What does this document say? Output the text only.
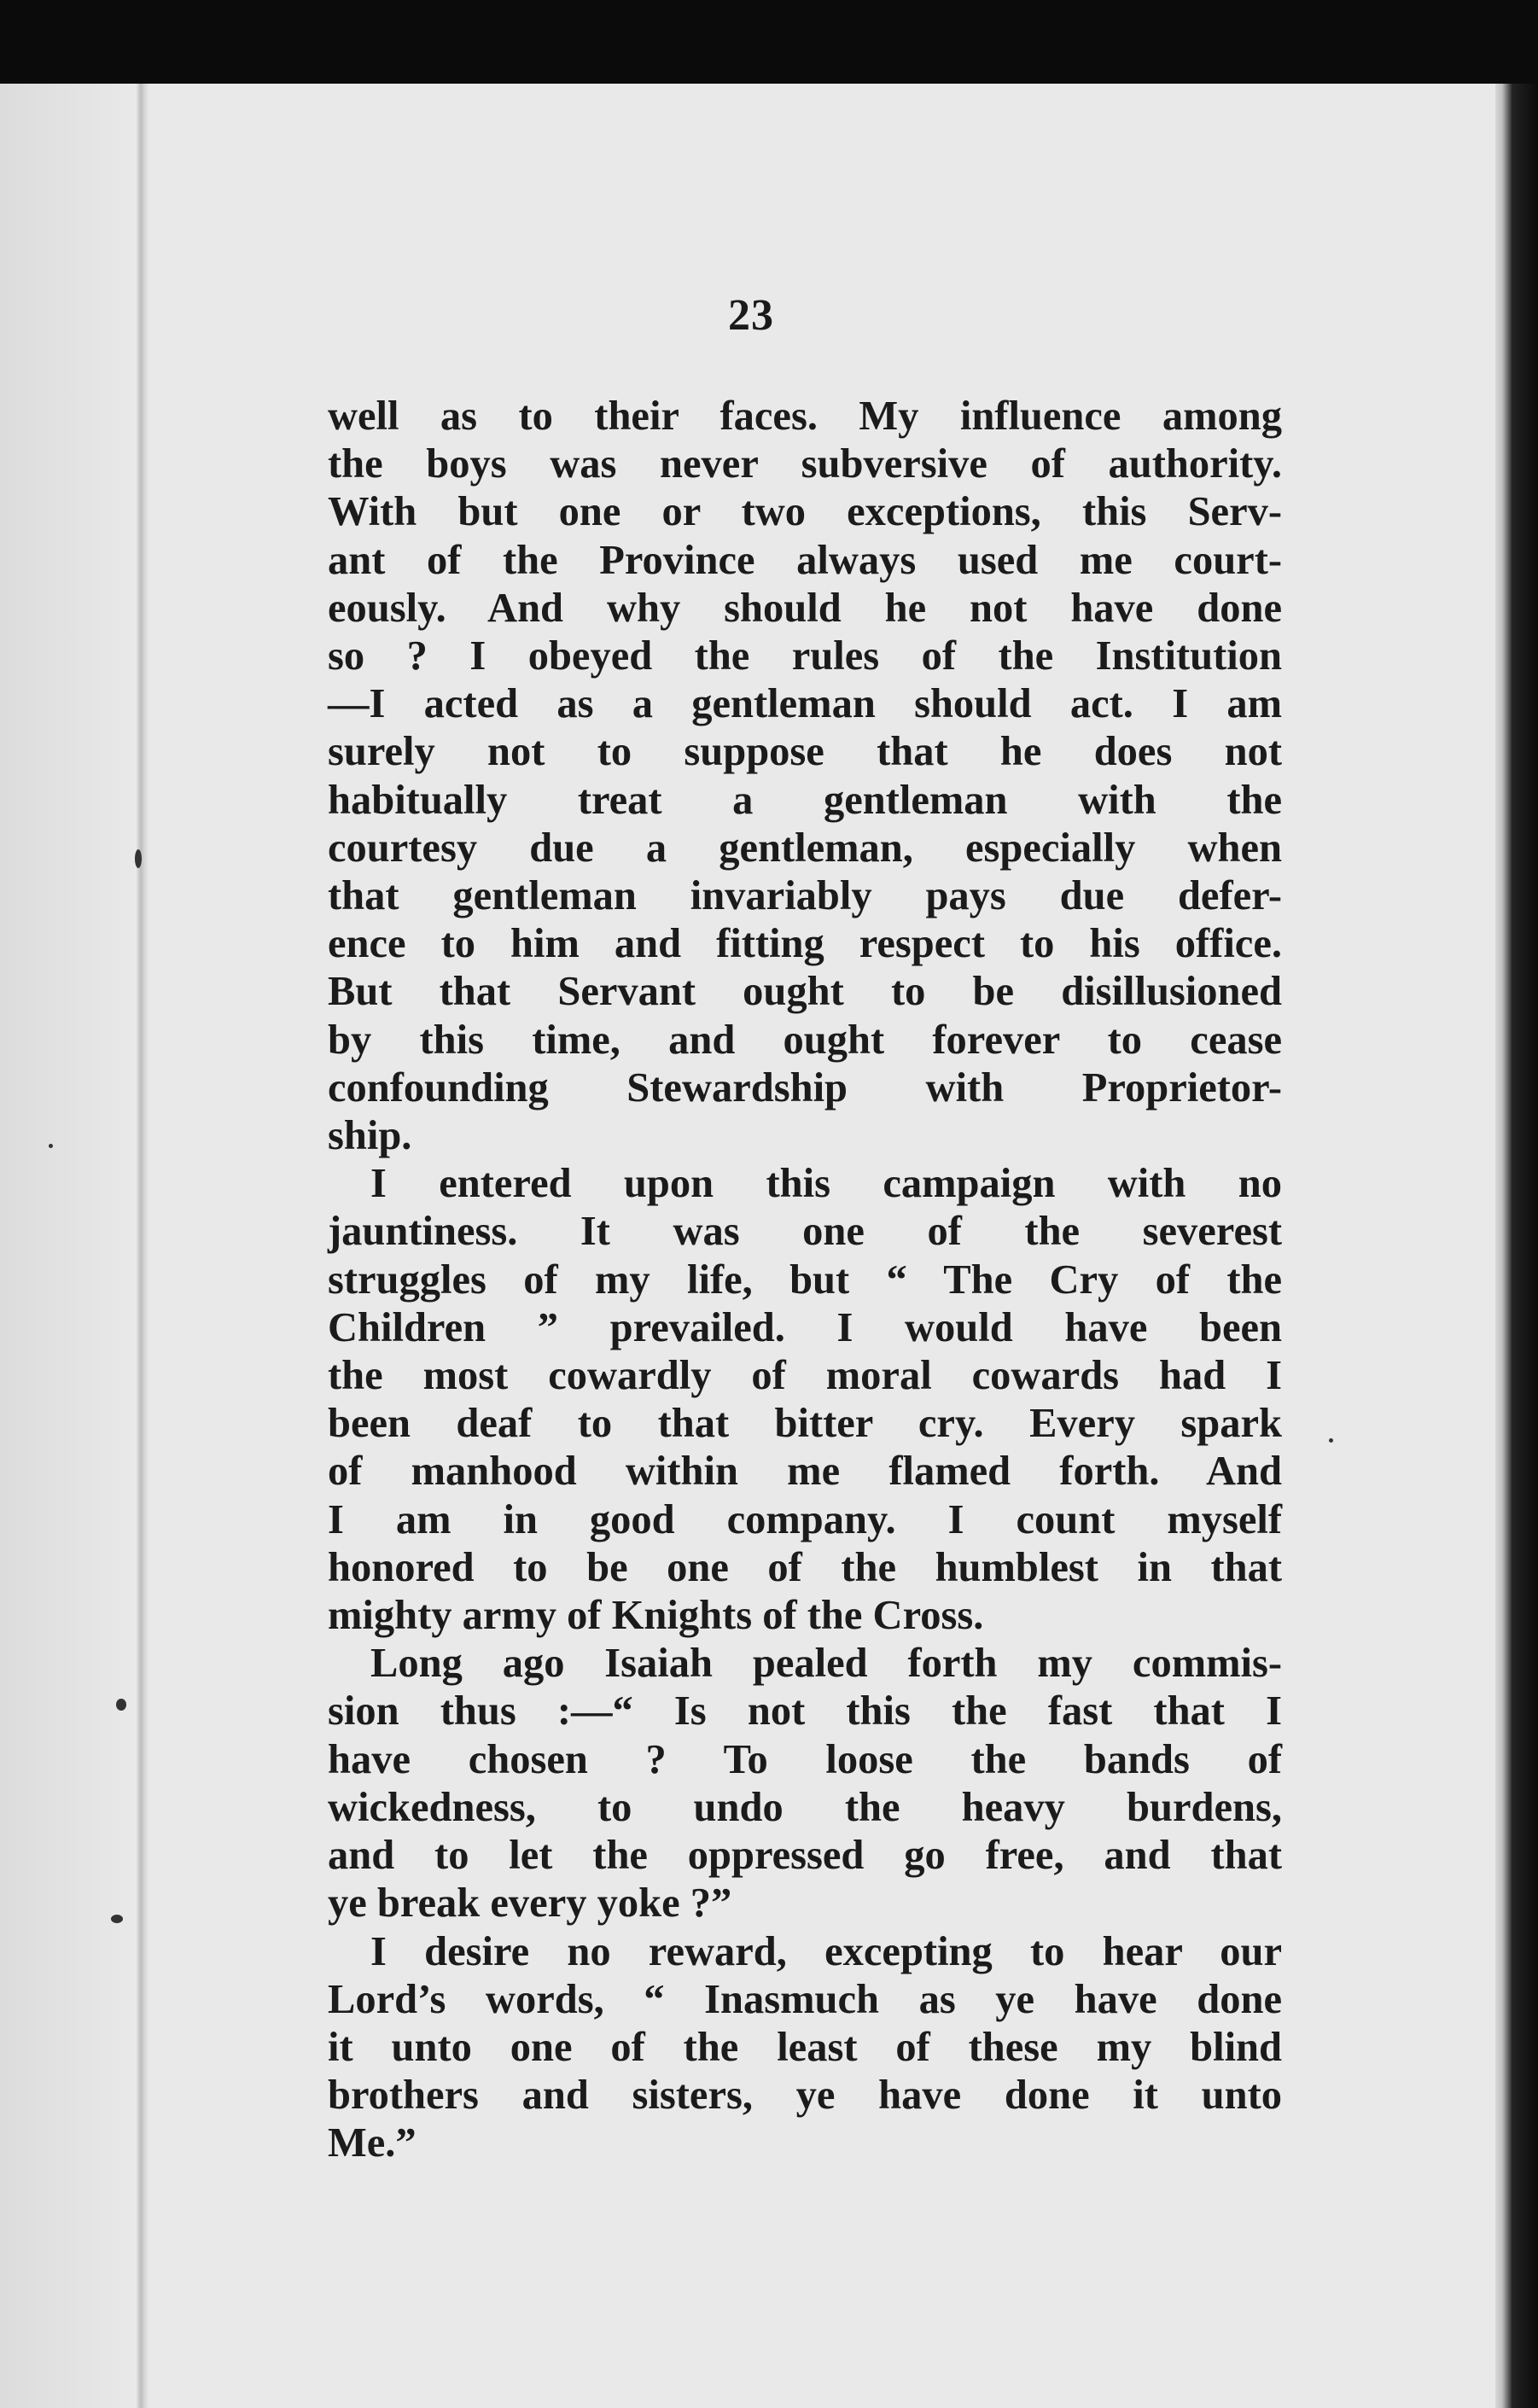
23

well as to their faces. My influence among

the boys was never subversive of authority.

With but one or two exceptions, this Serv-

ant of the Province always used me court-

eously. And why should he not have done

so ? I obeyed the rules of the Institution

—I acted as a gentleman should act. I am

surely not to suppose that he does not

habitually treat a gentleman with the

courtesy due a gentleman, especially when

that gentleman invariably pays due defer-

ence to him and fitting respect to his office.

But that Servant ought to be disillusioned

by this time, and ought forever to cease

confounding Stewardship with Proprietor-

ship.

I entered upon this campaign with no

jauntiness. It was one of the severest

struggles of my life, but “ The Cry of the

Children ” prevailed. I would have been

the most cowardly of moral cowards had I

been deaf to that bitter cry. Every spark

of manhood within me flamed forth. And

I am in good company. I count myself

honored to be one of the humblest in that

mighty army of Knights of the Cross.

Long ago Isaiah pealed forth my commis-

sion thus :—“ Is not this the fast that I

have chosen ? To loose the bands of

wickedness, to undo the heavy burdens,

and to let the oppressed go free, and that

ye break every yoke ?”

I desire no reward, excepting to hear our

Lord’s words, “ Inasmuch as ye have done

it unto one of the least of these my blind

brothers and sisters, ye have done it unto

Me.”
